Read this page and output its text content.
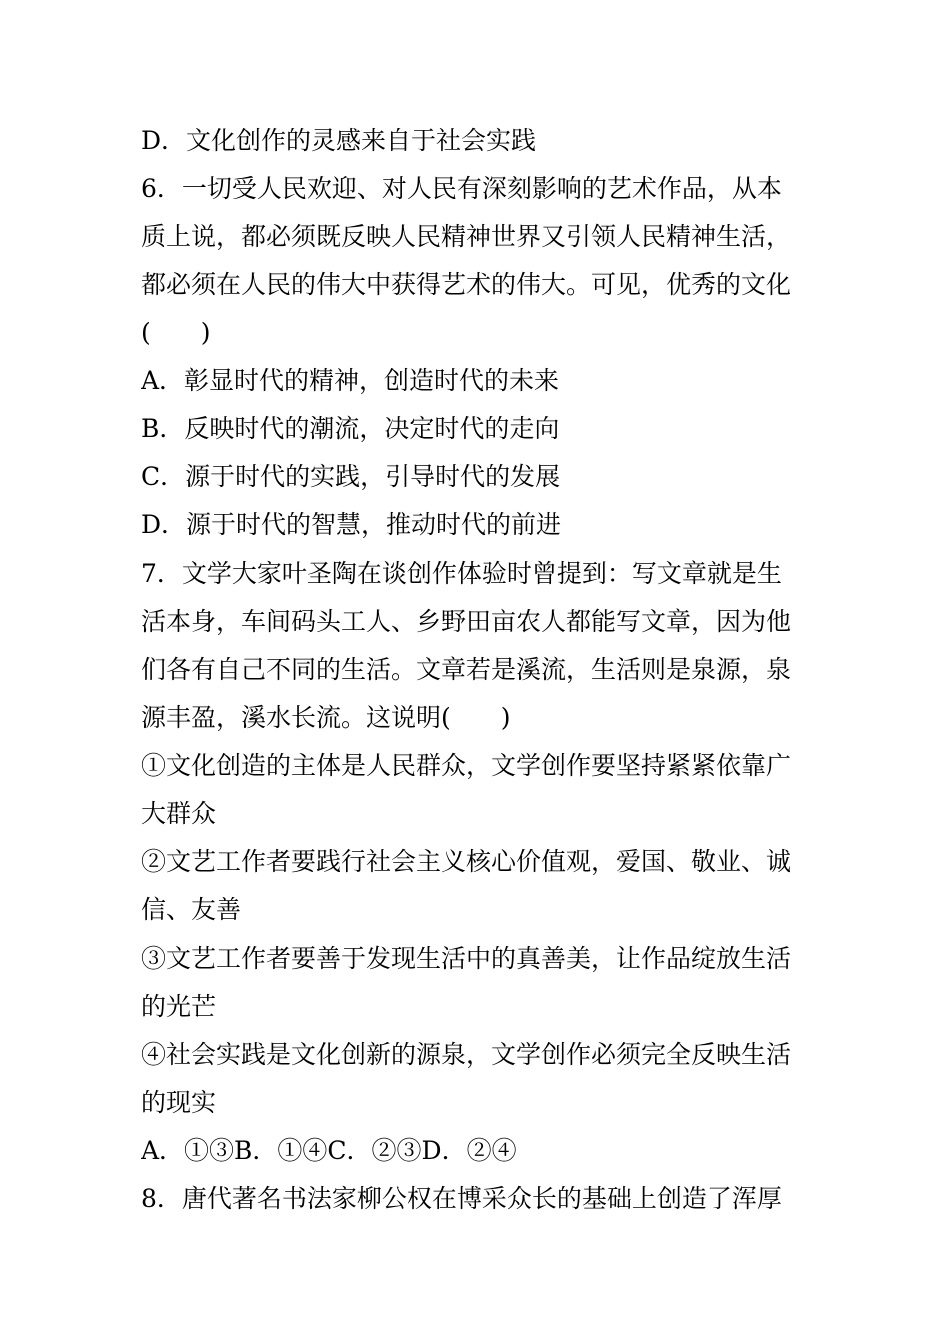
D．文化创作的灵感来自于社会实践
6．一切受人民欢迎、对人民有深刻影响的艺术作品，从本
质上说，都必须既反映人民精神世界又引领人民精神生活，
都必须在人民的伟大中获得艺术的伟大。可见，优秀的文化
(　　)
A．彰显时代的精神，创造时代的未来
B．反映时代的潮流，决定时代的走向
C．源于时代的实践，引导时代的发展
D．源于时代的智慧，推动时代的前进
7．文学大家叶圣陶在谈创作体验时曾提到：写文章就是生
活本身，车间码头工人、乡野田亩农人都能写文章，因为他
们各有自己不同的生活。文章若是溪流，生活则是泉源，泉
源丰盈，溪水长流。这说明(　　)
①文化创造的主体是人民群众，文学创作要坚持紧紧依靠广
大群众
②文艺工作者要践行社会主义核心价值观，爱国、敬业、诚
信、友善
③文艺工作者要善于发现生活中的真善美，让作品绽放生活
的光芒
④社会实践是文化创新的源泉，文学创作必须完全反映生活
的现实
A．①③B．①④C．②③D．②④
8．唐代著名书法家柳公权在博采众长的基础上创造了浑厚
